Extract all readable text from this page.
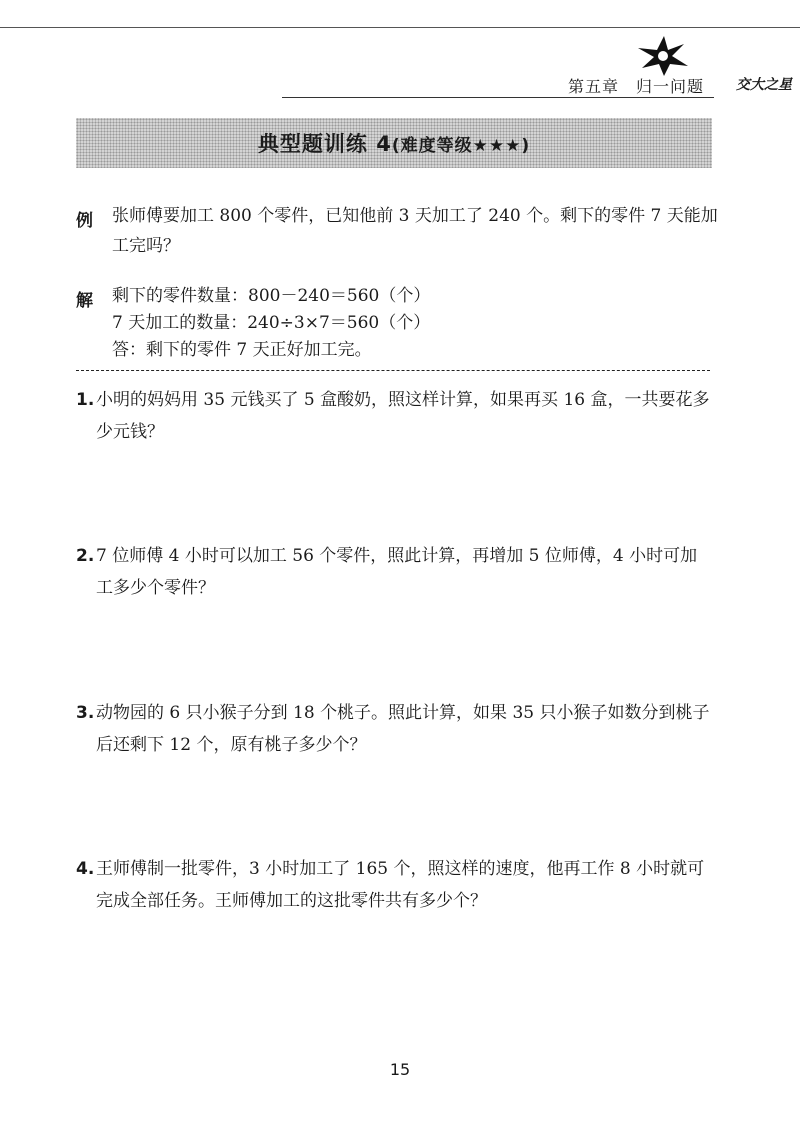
第五章　归一问题 交大之星
典型题训练 4 (难度等级★★★)
例 张师傅要加工 800 个零件，已知他前 3 天加工了 240 个。剩下的零件 7 天能加工完吗？
解 剩下的零件数量：800－240＝560（个）
7 天加工的数量：240÷3×7＝560（个）
答：剩下的零件 7 天正好加工完。
1. 小明的妈妈用 35 元钱买了 5 盒酸奶，照这样计算，如果再买 16 盒，一共要花多少元钱？
2. 7 位师傅 4 小时可以加工 56 个零件，照此计算，再增加 5 位师傅，4 小时可加工多少个零件？
3. 动物园的 6 只小猴子分到 18 个桃子。照此计算，如果 35 只小猴子如数分到桃子后还剩下 12 个，原有桃子多少个？
4. 王师傅制一批零件，3 小时加工了 165 个，照这样的速度，他再工作 8 小时就可完成全部任务。王师傅加工的这批零件共有多少个？
15
